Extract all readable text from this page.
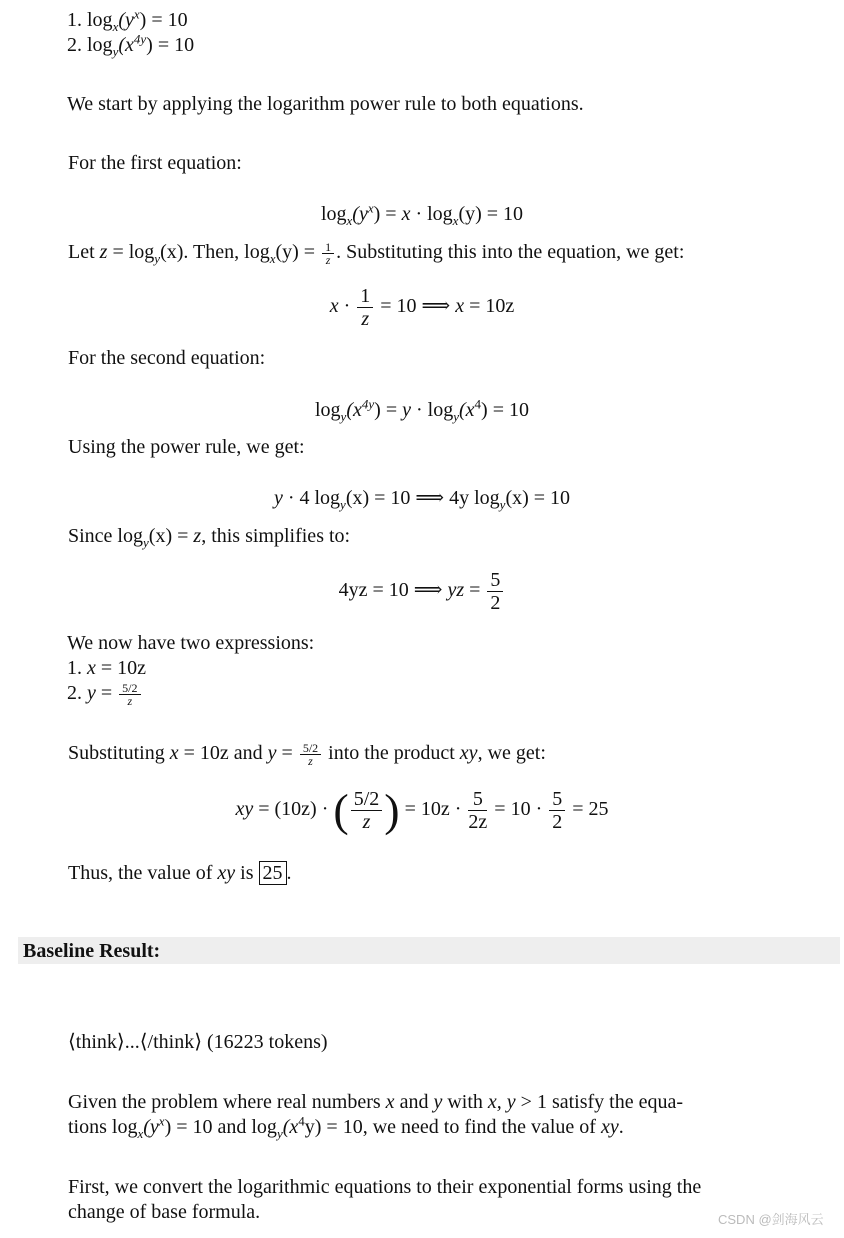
1. $\log_x(y^x) = 10$
2. $\log_y(x^{4y}) = 10$
We start by applying the logarithm power rule to both equations.
For the first equation:
$\log_x(y^x) = x \cdot \log_x(y) = 10$
Let $z = \log_y(x)$. Then, $\log_x(y) = \frac{1}{z}$ . Substituting this into the equation, we get:
$x \cdot \frac{1}{z} = 10$ ⟹ x = 10z
For the second equation:
$\log_y(x^{4y}) = y \cdot \log_y(x^4) = 10$
Using the power rule, we get:
y · 4 $\log_y(x) = 10$ ⟹ 4y $\log_y(x) = 10$
Since $\log_y(x) = z$, this simplifies to:
4yz = 10 ⟹ yz = $\frac{5}{2}$
We now have two expressions:
1. x = 10z
2. $y = \frac{5/2}{z}$
Substituting x = 10z and $y = \frac{5/2}{z}$ into the product xy, we get:
xy = (10z) · ( $\frac{5/2}{z}$ ) = $10z \cdot \frac{5}{2z} = 10 \cdot \frac{5}{2} = 25$
Thus, the value of xy is 25 .
Baseline Result:
⟨think⟩...⟨/think⟩ (16223 tokens)
Given the problem where real numbers x and y with x, y > 1 satisfy the equa-
tions $\log_x(y^x) = 10$ and $\log_y(x^4y) = 10$, we need to find the value of xy.
First, we convert the logarithmic equations to their exponential forms using the
change of base formula.	CSDN @剑海风云
